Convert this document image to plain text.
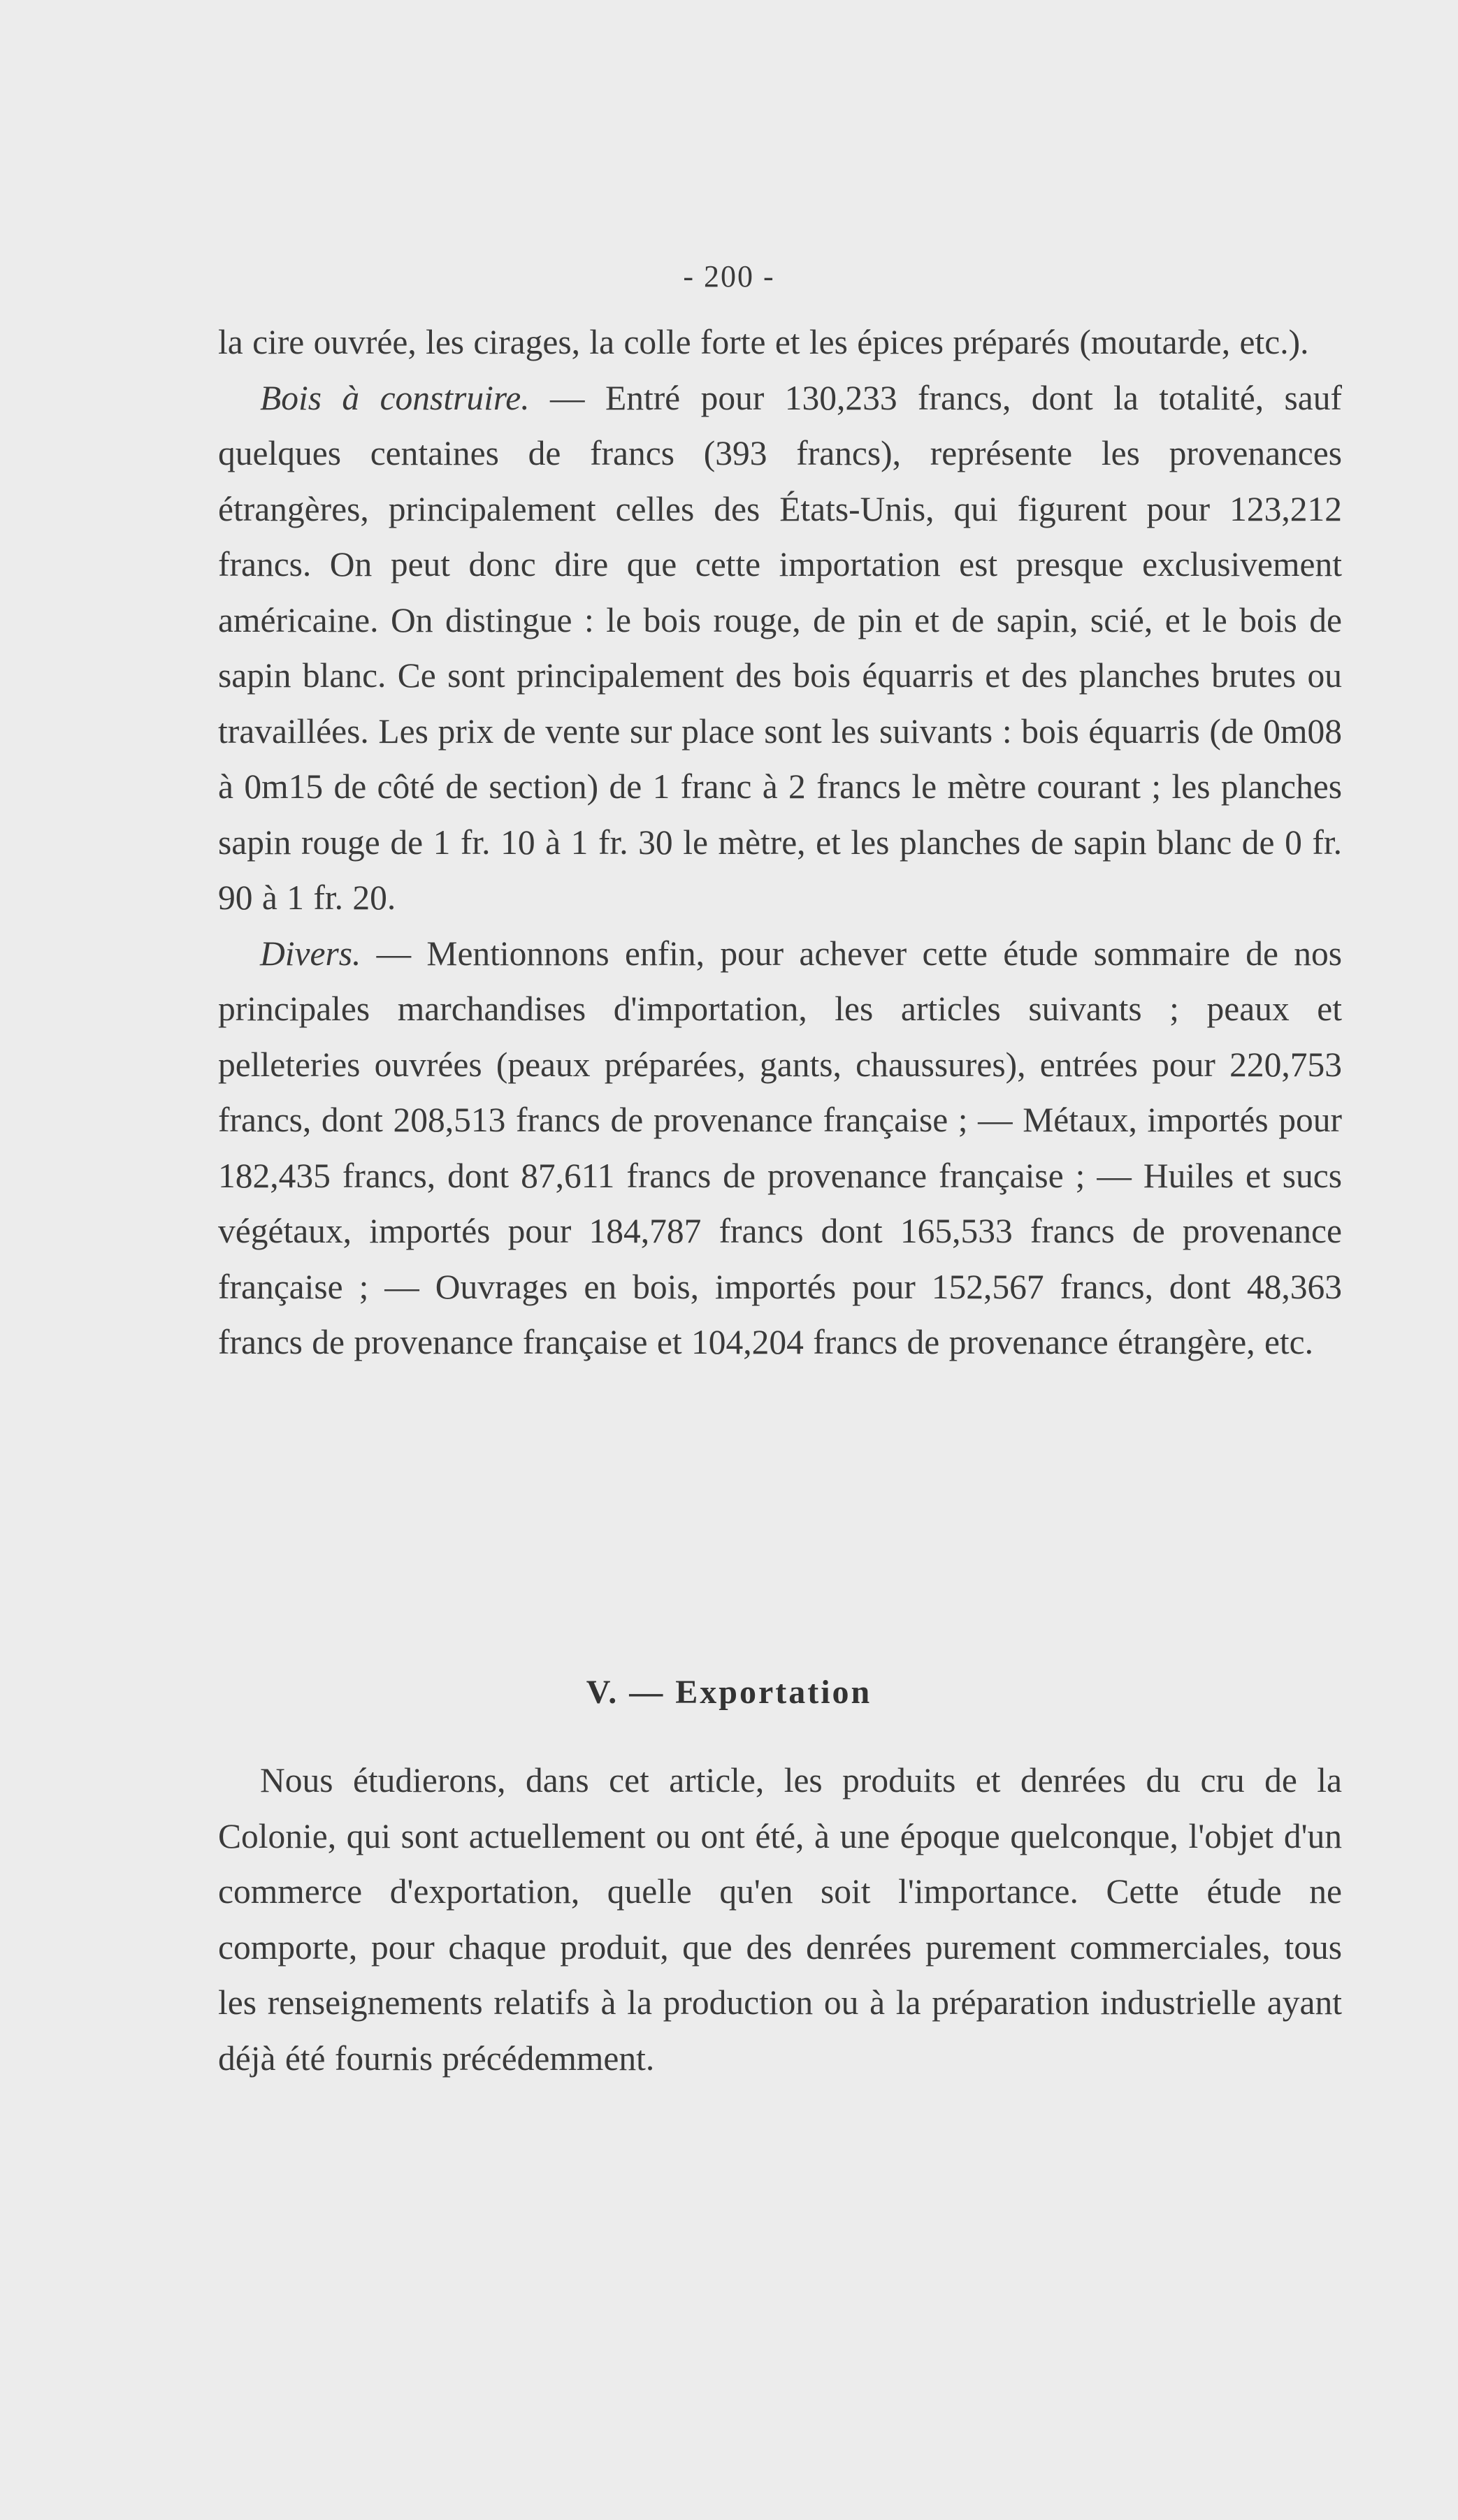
- 200 -

la cire ouvrée, les cirages, la colle forte et les épices préparés (moutarde, etc.).

Bois à construire. — Entré pour 130,233 francs, dont la totalité, sauf quelques centaines de francs (393 francs), représente les provenances étrangères, principalement celles des États-Unis, qui figurent pour 123,212 francs. On peut donc dire que cette importation est presque exclusivement américaine. On distingue : le bois rouge, de pin et de sapin, scié, et le bois de sapin blanc. Ce sont principalement des bois équarris et des planches brutes ou travaillées. Les prix de vente sur place sont les suivants : bois équarris (de 0m08 à 0m15 de côté de section) de 1 franc à 2 francs le mètre courant ; les planches sapin rouge de 1 fr. 10 à 1 fr. 30 le mètre, et les planches de sapin blanc de 0 fr. 90 à 1 fr. 20.

Divers. — Mentionnons enfin, pour achever cette étude sommaire de nos principales marchandises d'importation, les articles suivants ; peaux et pelleteries ouvrées (peaux préparées, gants, chaussures), entrées pour 220,753 francs, dont 208,513 francs de provenance française ; — Métaux, importés pour 182,435 francs, dont 87,611 francs de provenance française ; — Huiles et sucs végétaux, importés pour 184,787 francs dont 165,533 francs de provenance française ; — Ouvrages en bois, importés pour 152,567 francs, dont 48,363 francs de provenance française et 104,204 francs de provenance étrangère, etc.

V. — Exportation

Nous étudierons, dans cet article, les produits et denrées du cru de la Colonie, qui sont actuellement ou ont été, à une époque quelconque, l'objet d'un commerce d'exportation, quelle qu'en soit l'importance. Cette étude ne comporte, pour chaque produit, que des denrées purement commerciales, tous les renseignements relatifs à la production ou à la préparation industrielle ayant déjà été fournis précédemment.
